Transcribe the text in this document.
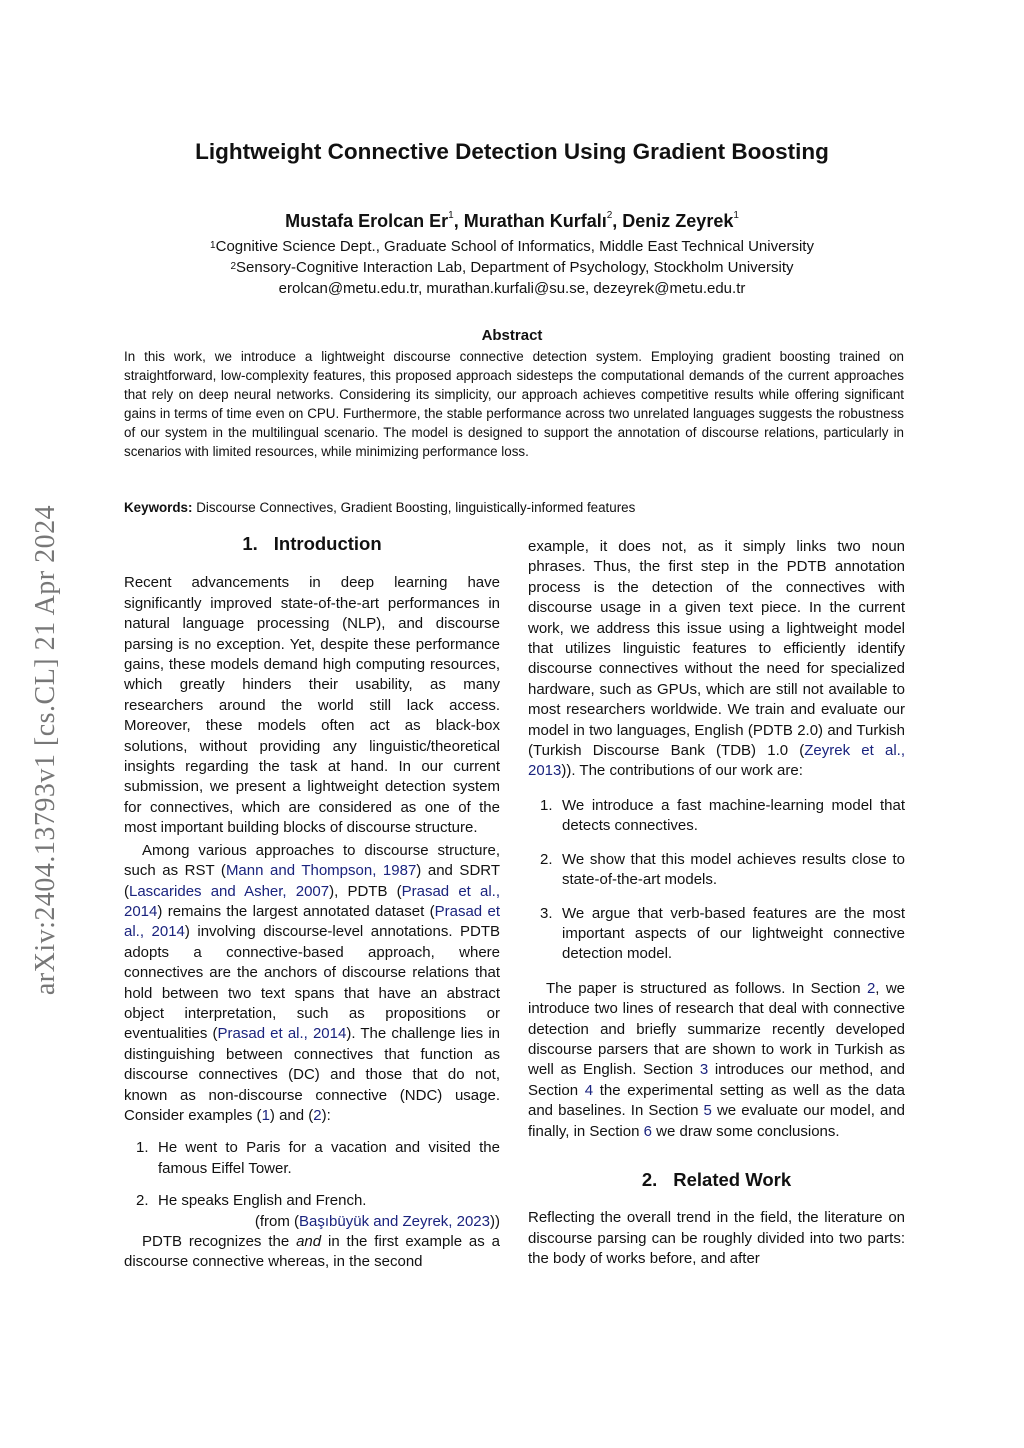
arXiv:2404.13793v1 [cs.CL] 21 Apr 2024
Lightweight Connective Detection Using Gradient Boosting
Mustafa Erolcan Er$^1$, Murathan Kurfalı$^2$, Deniz Zeyrek$^1$
$^1$Cognitive Science Dept., Graduate School of Informatics, Middle East Technical University
$^2$Sensory-Cognitive Interaction Lab, Department of Psychology, Stockholm University
erolcan@metu.edu.tr, murathan.kurfali@su.se, dezeyrek@metu.edu.tr
Abstract
In this work, we introduce a lightweight discourse connective detection system. Employing gradient boosting trained on straightforward, low-complexity features, this proposed approach sidesteps the computational demands of the current approaches that rely on deep neural networks. Considering its simplicity, our approach achieves competitive results while offering significant gains in terms of time even on CPU. Furthermore, the stable performance across two unrelated languages suggests the robustness of our system in the multilingual scenario. The model is designed to support the annotation of discourse relations, particularly in scenarios with limited resources, while minimizing performance loss.
Keywords: Discourse Connectives, Gradient Boosting, linguistically-informed features
1. Introduction

Recent advancements in deep learning have significantly improved state-of-the-art performances in natural language processing (NLP), and discourse parsing is no exception. Yet, despite these performance gains, these models demand high computing resources, which greatly hinders their usability, as many researchers around the world still lack access. Moreover, these models often act as black-box solutions, without providing any linguistic/theoretical insights regarding the task at hand. In our current submission, we present a lightweight detection system for connectives, which are considered as one of the most important building blocks of discourse structure.

Among various approaches to discourse structure, such as RST (Mann and Thompson, 1987) and SDRT (Lascarides and Asher, 2007), PDTB (Prasad et al., 2014) remains the largest annotated dataset (Prasad et al., 2014) involving discourse-level annotations. PDTB adopts a connective-based approach, where connectives are the anchors of discourse relations that hold between two text spans that have an abstract object interpretation, such as propositions or eventualities (Prasad et al., 2014). The challenge lies in distinguishing between connectives that function as discourse connectives (DC) and those that do not, known as non-discourse connective (NDC) usage. Consider examples (1) and (2):

1. He went to Paris for a vacation and visited the famous Eiffel Tower.
2. He speaks English and French.

(from (Başıbüyük and Zeyrek, 2023))

PDTB recognizes the and in the first example as a discourse connective whereas, in the second

example, it does not, as it simply links two noun phrases. Thus, the first step in the PDTB annotation process is the detection of the connectives with discourse usage in a given text piece. In the current work, we address this issue using a lightweight model that utilizes linguistic features to efficiently identify discourse connectives without the need for specialized hardware, such as GPUs, which are still not available to most researchers worldwide. We train and evaluate our model in two languages, English (PDTB 2.0) and Turkish (Turkish Discourse Bank (TDB) 1.0 (Zeyrek et al., 2013)). The contributions of our work are:

1. We introduce a fast machine-learning model that detects connectives.
2. We show that this model achieves results close to state-of-the-art models.
3. We argue that verb-based features are the most important aspects of our lightweight connective detection model.

The paper is structured as follows. In Section 2, we introduce two lines of research that deal with connective detection and briefly summarize recently developed discourse parsers that are shown to work in Turkish as well as English. Section 3 introduces our method, and Section 4 the experimental setting as well as the data and baselines. In Section 5 we evaluate our model, and finally, in Section 6 we draw some conclusions.

2. Related Work

Reflecting the overall trend in the field, the literature on discourse parsing can be roughly divided into two parts: the body of works before, and after
